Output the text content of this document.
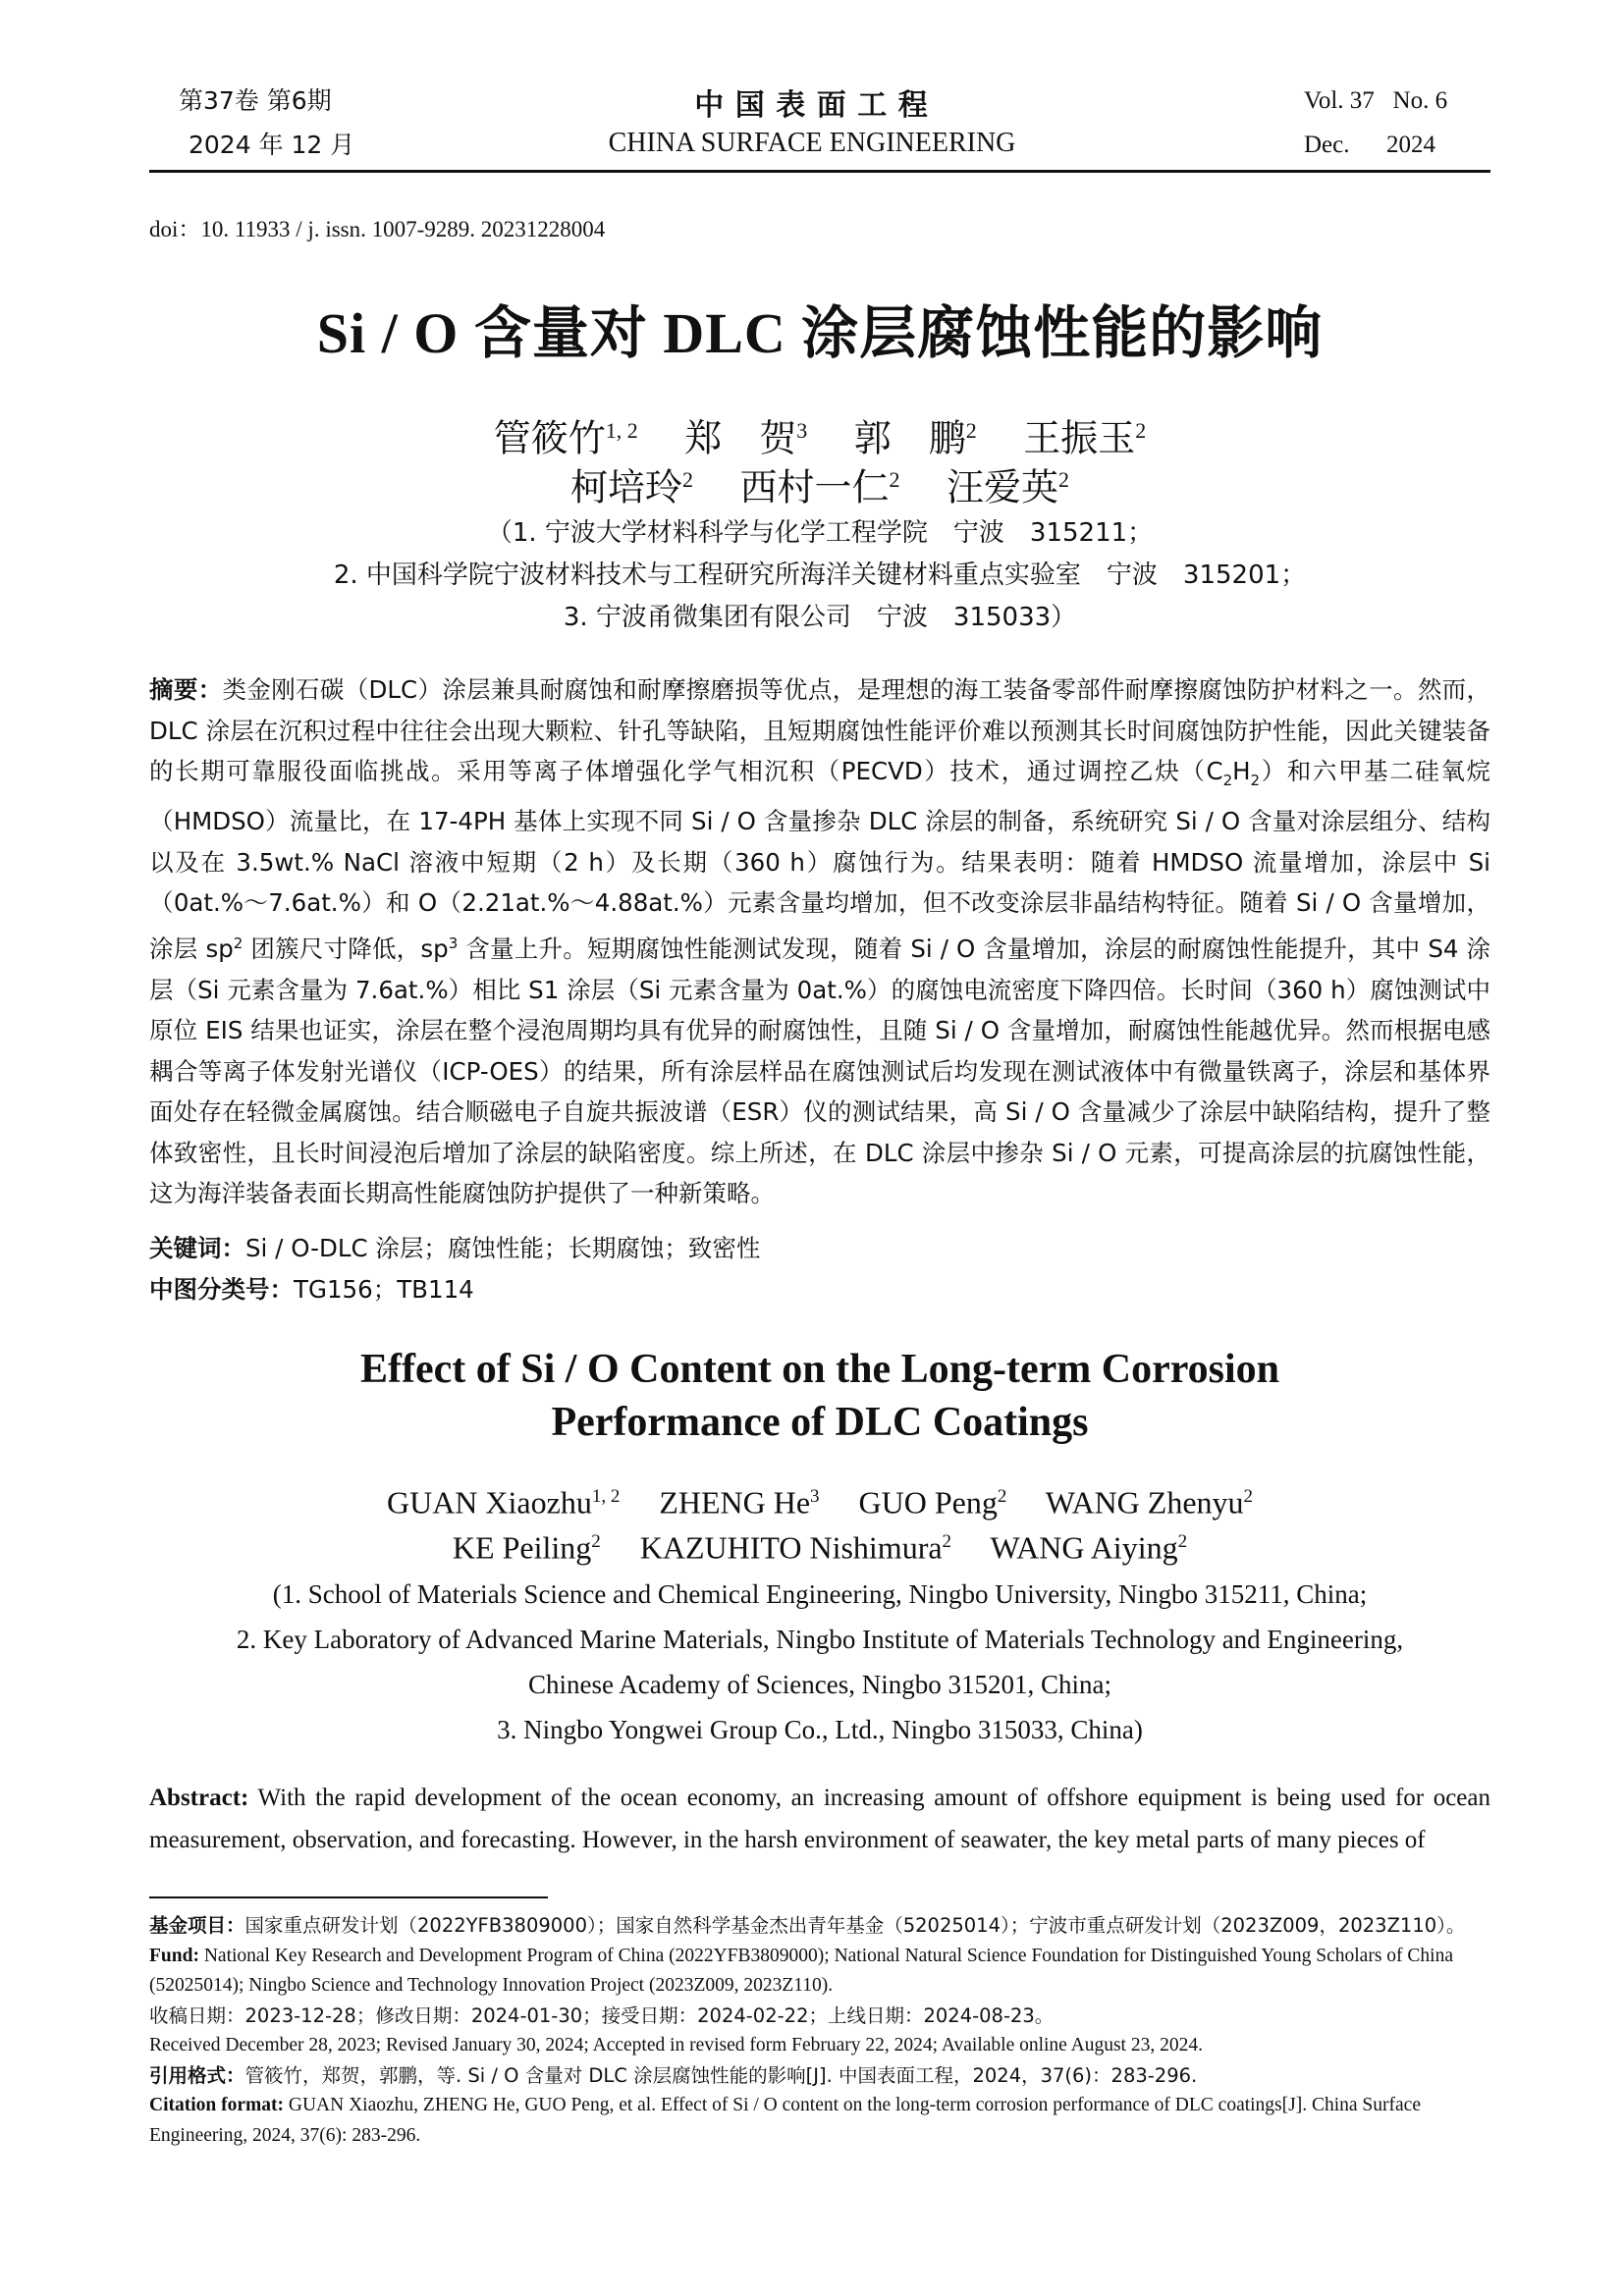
第37卷 第6期
2024 年 12 月
中 国 表 面 工 程
CHINA SURFACE ENGINEERING
Vol. 37   No. 6
Dec.      2024
doi：10. 11933 / j. issn. 1007-9289. 20231228004
Si / O 含量对 DLC 涂层腐蚀性能的影响
管筱竹$^{1, 2}$ 郑　贺$^3$ 郭　鹏$^2$ 王振玉$^2$
柯培玲$^2$ 西村一仁$^2$ 汪爱英$^2$
（1. 宁波大学材料科学与化学工程学院　宁波　315211；
2. 中国科学院宁波材料技术与工程研究所海洋关键材料重点实验室　宁波　315201；
3. 宁波甬微集团有限公司　宁波　315033）
摘要：类金刚石碳（DLC）涂层兼具耐腐蚀和耐摩擦磨损等优点，是理想的海工装备零部件耐摩擦腐蚀防护材料之一。然而，DLC 涂层在沉积过程中往往会出现大颗粒、针孔等缺陷，且短期腐蚀性能评价难以预测其长时间腐蚀防护性能，因此关键装备的长期可靠服役面临挑战。采用等离子体增强化学气相沉积（PECVD）技术，通过调控乙炔$(C_2H_2)$和六甲基二硅氧烷（HMDSO）流量比，在 17-4PH 基体上实现不同 Si / O 含量掺杂 DLC 涂层的制备，系统研究 Si / O 含量对涂层组分、结构以及在 3.5wt.% NaCl 溶液中短期（2 h）及长期（360 h）腐蚀行为。结果表明：随着 HMDSO 流量增加，涂层中 Si（0at.%～7.6at.%）和 O（2.21at.%～4.88at.%）元素含量均增加，但不改变涂层非晶结构特征。随着 Si / O 含量增加，涂层 $sp^2$ 团簇尺寸降低，$sp^3$ 含量上升。短期腐蚀性能测试发现，随着 Si / O 含量增加，涂层的耐腐蚀性能提升，其中 S4 涂层（Si 元素含量为 7.6at.%）相比 S1 涂层（Si 元素含量为 0at.%）的腐蚀电流密度下降四倍。长时间（360 h）腐蚀测试中原位 EIS 结果也证实，涂层在整个浸泡周期均具有优异的耐腐蚀性，且随 Si / O 含量增加，耐腐蚀性能越优异。然而根据电感耦合等离子体发射光谱仪（ICP-OES）的结果，所有涂层样品在腐蚀测试后均发现在测试液体中有微量铁离子，涂层和基体界面处存在轻微金属腐蚀。结合顺磁电子自旋共振波谱（ESR）仪的测试结果，高 Si / O 含量减少了涂层中缺陷结构，提升了整体致密性，且长时间浸泡后增加了涂层的缺陷密度。综上所述，在 DLC 涂层中掺杂 Si / O 元素，可提高涂层的抗腐蚀性能，这为海洋装备表面长期高性能腐蚀防护提供了一种新策略。
关键词：Si / O-DLC 涂层；腐蚀性能；长期腐蚀；致密性
中图分类号：TG156；TB114
Effect of Si / O Content on the Long-term Corrosion
Performance of DLC Coatings
GUAN Xiaozhu$^{1, 2}$ ZHENG He$^3$ GUO Peng$^2$ WANG Zhenyu$^2$
KE Peiling$^2$ KAZUHITO Nishimura$^2$ WANG Aiying$^2$
(1. School of Materials Science and Chemical Engineering, Ningbo University, Ningbo 315211, China;
2. Key Laboratory of Advanced Marine Materials, Ningbo Institute of Materials Technology and Engineering,
Chinese Academy of Sciences, Ningbo 315201, China;
3. Ningbo Yongwei Group Co., Ltd., Ningbo 315033, China)
Abstract: With the rapid development of the ocean economy, an increasing amount of offshore equipment is being used for ocean measurement, observation, and forecasting. However, in the harsh environment of seawater, the key metal parts of many pieces of
基金项目：国家重点研发计划（2022YFB3809000）；国家自然科学基金杰出青年基金（52025014）；宁波市重点研发计划（2023Z009，2023Z110）。
Fund: National Key Research and Development Program of China (2022YFB3809000); National Natural Science Foundation for Distinguished Young Scholars of China (52025014); Ningbo Science and Technology Innovation Project (2023Z009, 2023Z110).
收稿日期：2023-12-28；修改日期：2024-01-30；接受日期：2024-02-22；上线日期：2024-08-23。
Received December 28, 2023; Revised January 30, 2024; Accepted in revised form February 22, 2024; Available online August 23, 2024.
引用格式：管筱竹，郑贺，郭鹏，等. Si / O 含量对 DLC 涂层腐蚀性能的影响[J]. 中国表面工程，2024，37(6)：283-296.
Citation format: GUAN Xiaozhu, ZHENG He, GUO Peng, et al. Effect of Si / O content on the long-term corrosion performance of DLC coatings[J]. China Surface Engineering, 2024, 37(6): 283-296.
